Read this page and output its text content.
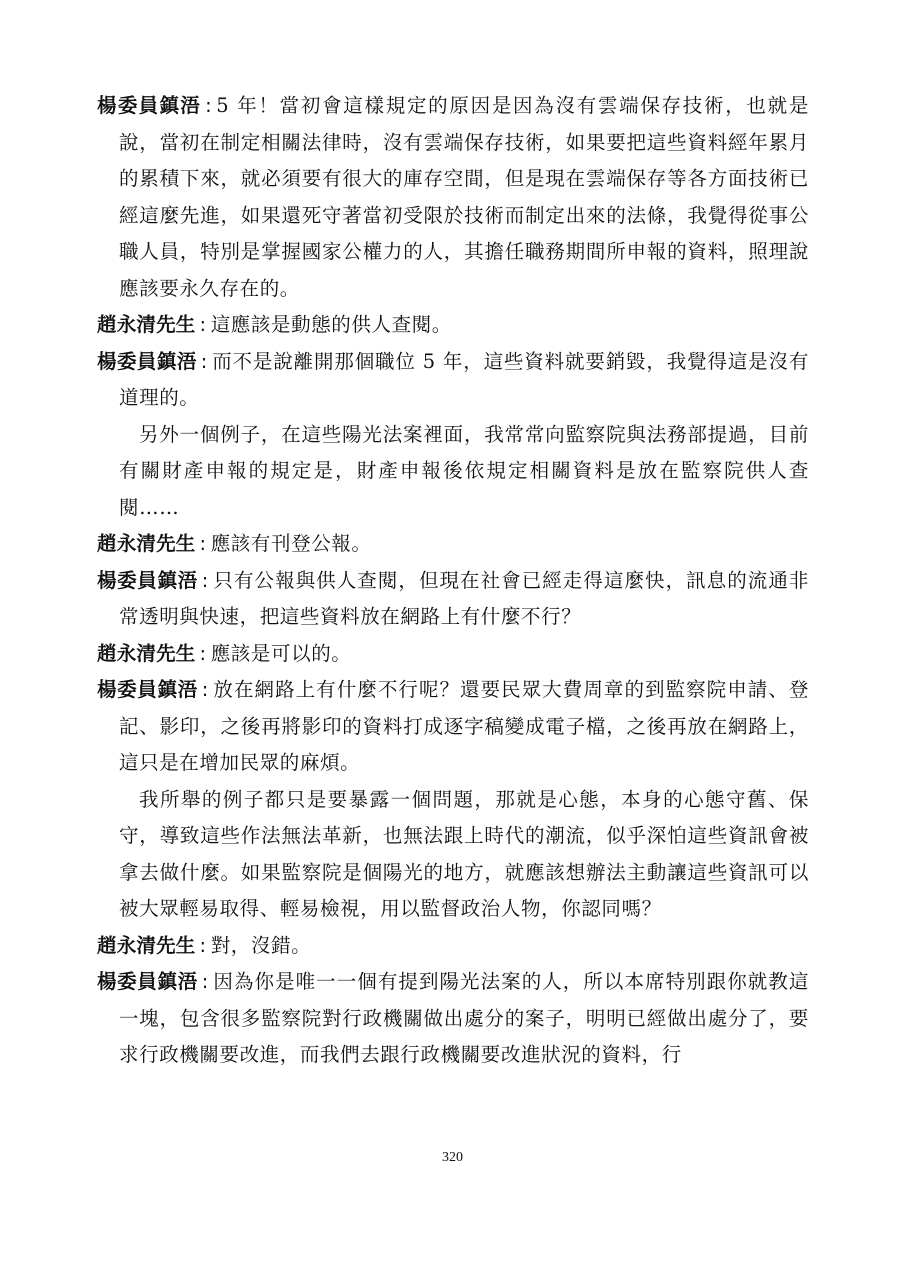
楊委員鎮浯 : 5 年！當初會這樣規定的原因是因為沒有雲端保存技術，也就是說，當初在制定相關法律時，沒有雲端保存技術，如果要把這些資料經年累月的累積下來，就必須要有很大的庫存空間，但是現在雲端保存等各方面技術已經這麼先進，如果還死守著當初受限於技術而制定出來的法條，我覺得從事公職人員，特別是掌握國家公權力的人，其擔任職務期間所申報的資料，照理說應該要永久存在的。

趙永清先生 : 這應該是動態的供人查閱。

楊委員鎮浯 : 而不是說離開那個職位 5 年，這些資料就要銷毀，我覺得這是沒有道理的。

另外一個例子，在這些陽光法案裡面，我常常向監察院與法務部提過，目前有關財產申報的規定是，財產申報後依規定相關資料是放在監察院供人查閱……

趙永清先生 : 應該有刊登公報。

楊委員鎮浯 : 只有公報與供人查閱，但現在社會已經走得這麼快，訊息的流通非常透明與快速，把這些資料放在網路上有什麼不行？

趙永清先生 : 應該是可以的。

楊委員鎮浯 : 放在網路上有什麼不行呢？還要民眾大費周章的到監察院申請、登記、影印，之後再將影印的資料打成逐字稿變成電子檔，之後再放在網路上，這只是在增加民眾的麻煩。

我所舉的例子都只是要暴露一個問題，那就是心態，本身的心態守舊、保守，導致這些作法無法革新，也無法跟上時代的潮流，似乎深怕這些資訊會被拿去做什麼。如果監察院是個陽光的地方，就應該想辦法主動讓這些資訊可以被大眾輕易取得、輕易檢視，用以監督政治人物，你認同嗎？

趙永清先生 : 對，沒錯。

楊委員鎮浯 : 因為你是唯一一個有提到陽光法案的人，所以本席特別跟你就教這一塊，包含很多監察院對行政機關做出處分的案子，明明已經做出處分了，要求行政機關要改進，而我們去跟行政機關要改進狀況的資料，行

320
